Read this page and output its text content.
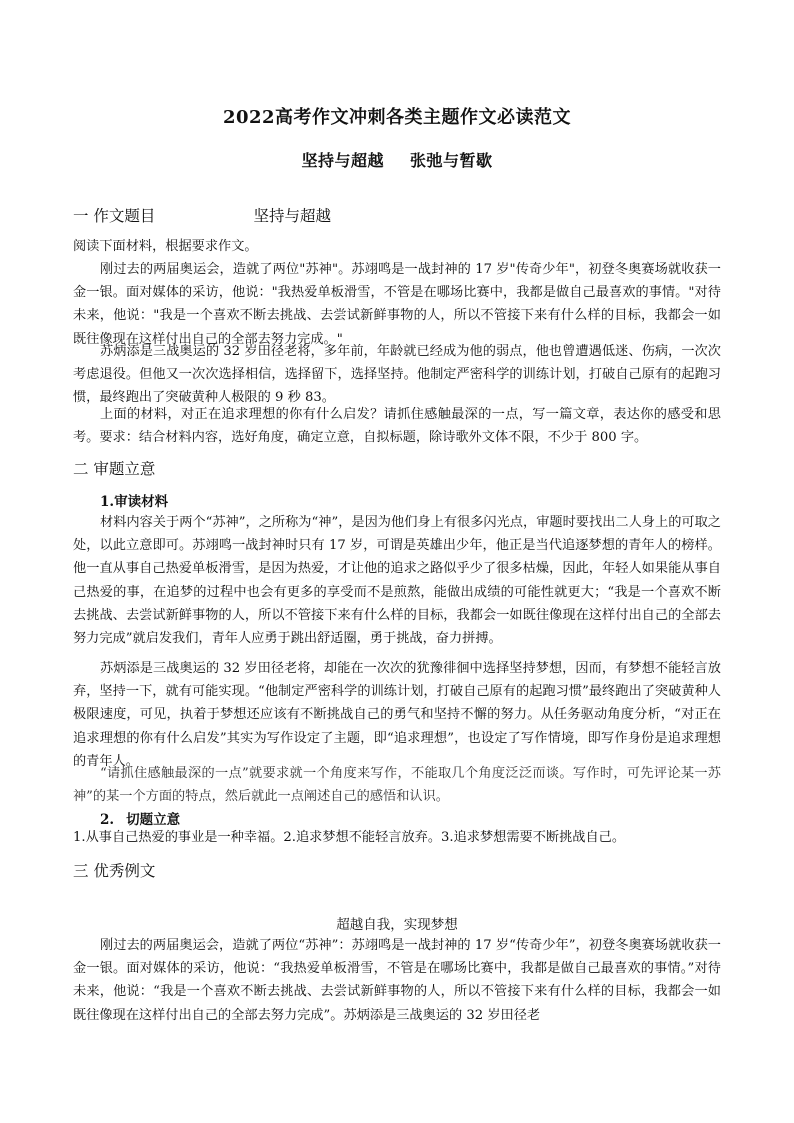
2022高考作文冲刺各类主题作文必读范文
坚持与超越 张弛与暂歇
一 作文题目	坚持与超越

阅读下面材料，根据要求作文。

刚过去的两届奥运会，造就了两位"苏神"。苏翊鸣是一战封神的 17 岁"传奇少年"，初登冬奥赛场就收获一金一银。面对媒体的采访，他说："我热爱单板滑雪，不管是在哪场比赛中，我都是做自己最喜欢的事情。"对待未来，他说："我是一个喜欢不断去挑战、去尝试新鲜事物的人，所以不管接下来有什么样的目标，我都会一如既往像现在这样付出自己的全部去努力完成。"

苏炳添是三战奥运的 32 岁田径老将，多年前，年龄就已经成为他的弱点，他也曾遭遇低迷、伤病，一次次考虑退役。但他又一次次选择相信，选择留下，选择坚持。他制定严密科学的训练计划，打破自己原有的起跑习惯，最终跑出了突破黄种人极限的 9 秒 83。

上面的材料，对正在追求理想的你有什么启发？请抓住感触最深的一点，写一篇文章，表达你的感受和思考。要求：结合材料内容，选好角度，确定立意，自拟标题，除诗歌外文体不限，不少于 800 字。

二 审题立意
1.审读材料

材料内容关于两个“苏神”，之所称为“神”，是因为他们身上有很多闪光点，审题时要找出二人身上的可取之处，以此立意即可。苏翊鸣一战封神时只有 17 岁，可谓是英雄出少年，他正是当代追逐梦想的青年人的榜样。他一直从事自己热爱单板滑雪，是因为热爱，才让他的追求之路似乎少了很多枯燥，因此，年轻人如果能从事自己热爱的事，在追梦的过程中也会有更多的享受而不是煎熬，能做出成绩的可能性就更大；“我是一个喜欢不断去挑战、去尝试新鲜事物的人，所以不管接下来有什么样的目标，我都会一如既往像现在这样付出自己的全部去努力完成”就启发我们，青年人应勇于跳出舒适圈，勇于挑战，奋力拼搏。

苏炳添是三战奥运的 32 岁田径老将，却能在一次次的犹豫徘徊中选择坚持梦想，因而，有梦想不能轻言放弃，坚持一下，就有可能实现。“他制定严密科学的训练计划，打破自己原有的起跑习惯”最终跑出了突破黄种人极限速度，可见，执着于梦想还应该有不断挑战自己的勇气和坚持不懈的努力。从任务驱动角度分析，“对正在追求理想的你有什么启发”其实为写作设定了主题，即“追求理想”，也设定了写作情境，即写作身份是追求理想的青年人。

“请抓住感触最深的一点”就要求就一个角度来写作，不能取几个角度泛泛而谈。写作时，可先评论某一苏神”的某一个方面的特点，然后就此一点阐述自己的感悟和认识。

2. 切题立意

1.从事自己热爱的事业是一种幸福。2.追求梦想不能轻言放弃。3.追求梦想需要不断挑战自己。

三 优秀例文
超越自我，实现梦想

刚过去的两届奥运会，造就了两位“苏神”：苏翊鸣是一战封神的 17 岁“传奇少年”，初登冬奥赛场就收获一金一银。面对媒体的采访，他说：“我热爱单板滑雪，不管是在哪场比赛中，我都是做自己最喜欢的事情。”对待未来，他说：“我是一个喜欢不断去挑战、去尝试新鲜事物的人，所以不管接下来有什么样的目标，我都会一如既往像现在这样付出自己的全部去努力完成”。苏炳添是三战奥运的 32 岁田径老
